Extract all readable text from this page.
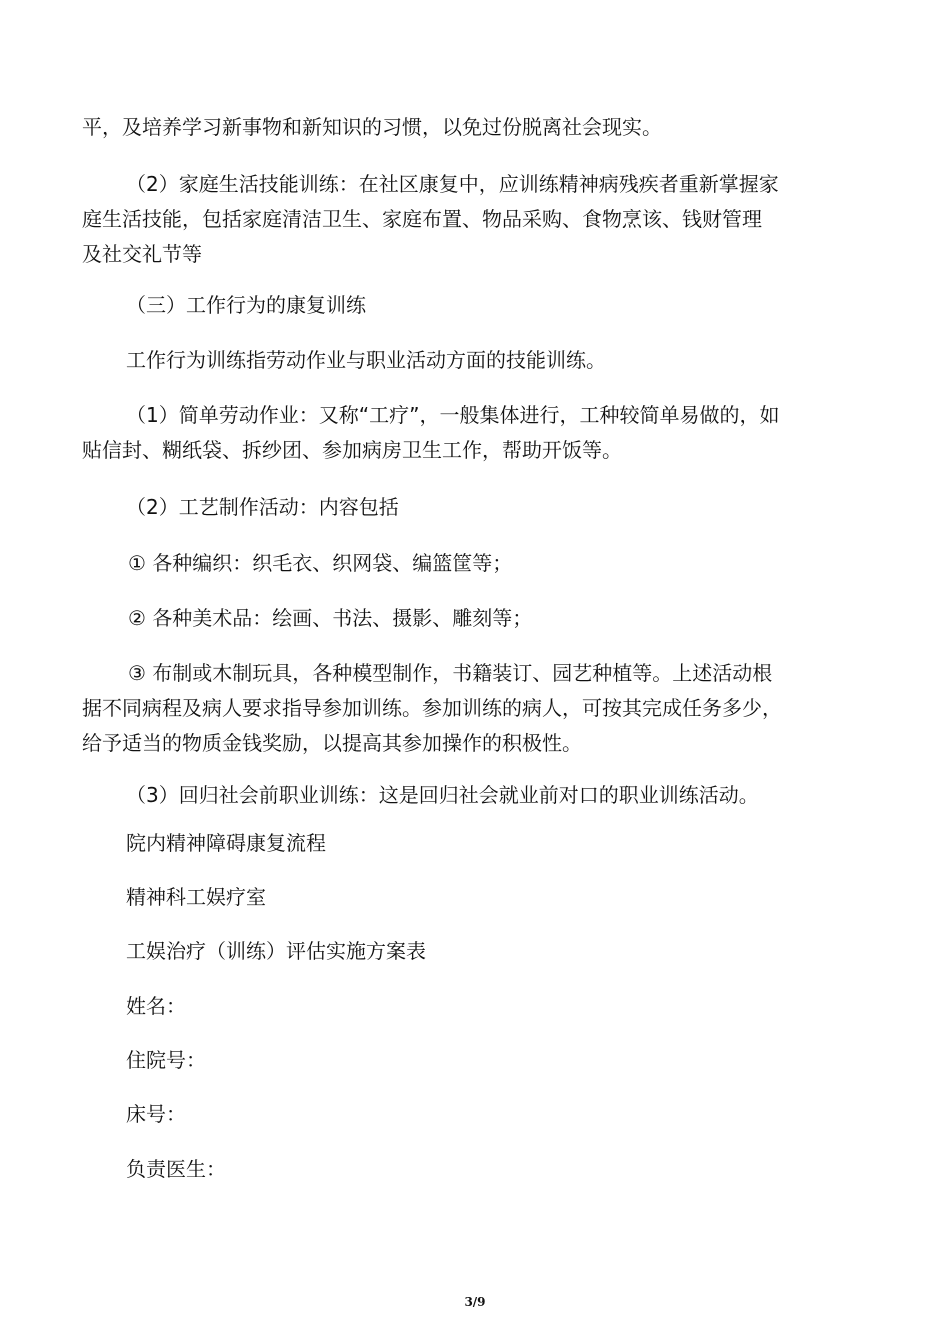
平，及培养学习新事物和新知识的习惯，以免过份脱离社会现实。

（2）家庭生活技能训练：在社区康复中，应训练精神病残疾者重新掌握家
庭生活技能，包括家庭清洁卫生、家庭布置、物品采购、食物烹该、钱财管理
及社交礼节等

（三）工作行为的康复训练

工作行为训练指劳动作业与职业活动方面的技能训练。

（1）简单劳动作业：又称“工疗”，一般集体进行，工种较简单易做的，如
贴信封、糊纸袋、拆纱团、参加病房卫生工作，帮助开饭等。

（2）工艺制作活动：内容包括

① 各种编织：织毛衣、织网袋、编篮筐等；

② 各种美术品：绘画、书法、摄影、雕刻等；

③ 布制或木制玩具，各种模型制作，书籍装订、园艺种植等。上述活动根
据不同病程及病人要求指导参加训练。参加训练的病人，可按其完成任务多少，
给予适当的物质金钱奖励，以提高其参加操作的积极性。

（3）回归社会前职业训练：这是回归社会就业前对口的职业训练活动。

院内精神障碍康复流程

精神科工娱疗室

工娱治疗（训练）评估实施方案表

姓名：

住院号：

床号：

负责医生：

3/9
